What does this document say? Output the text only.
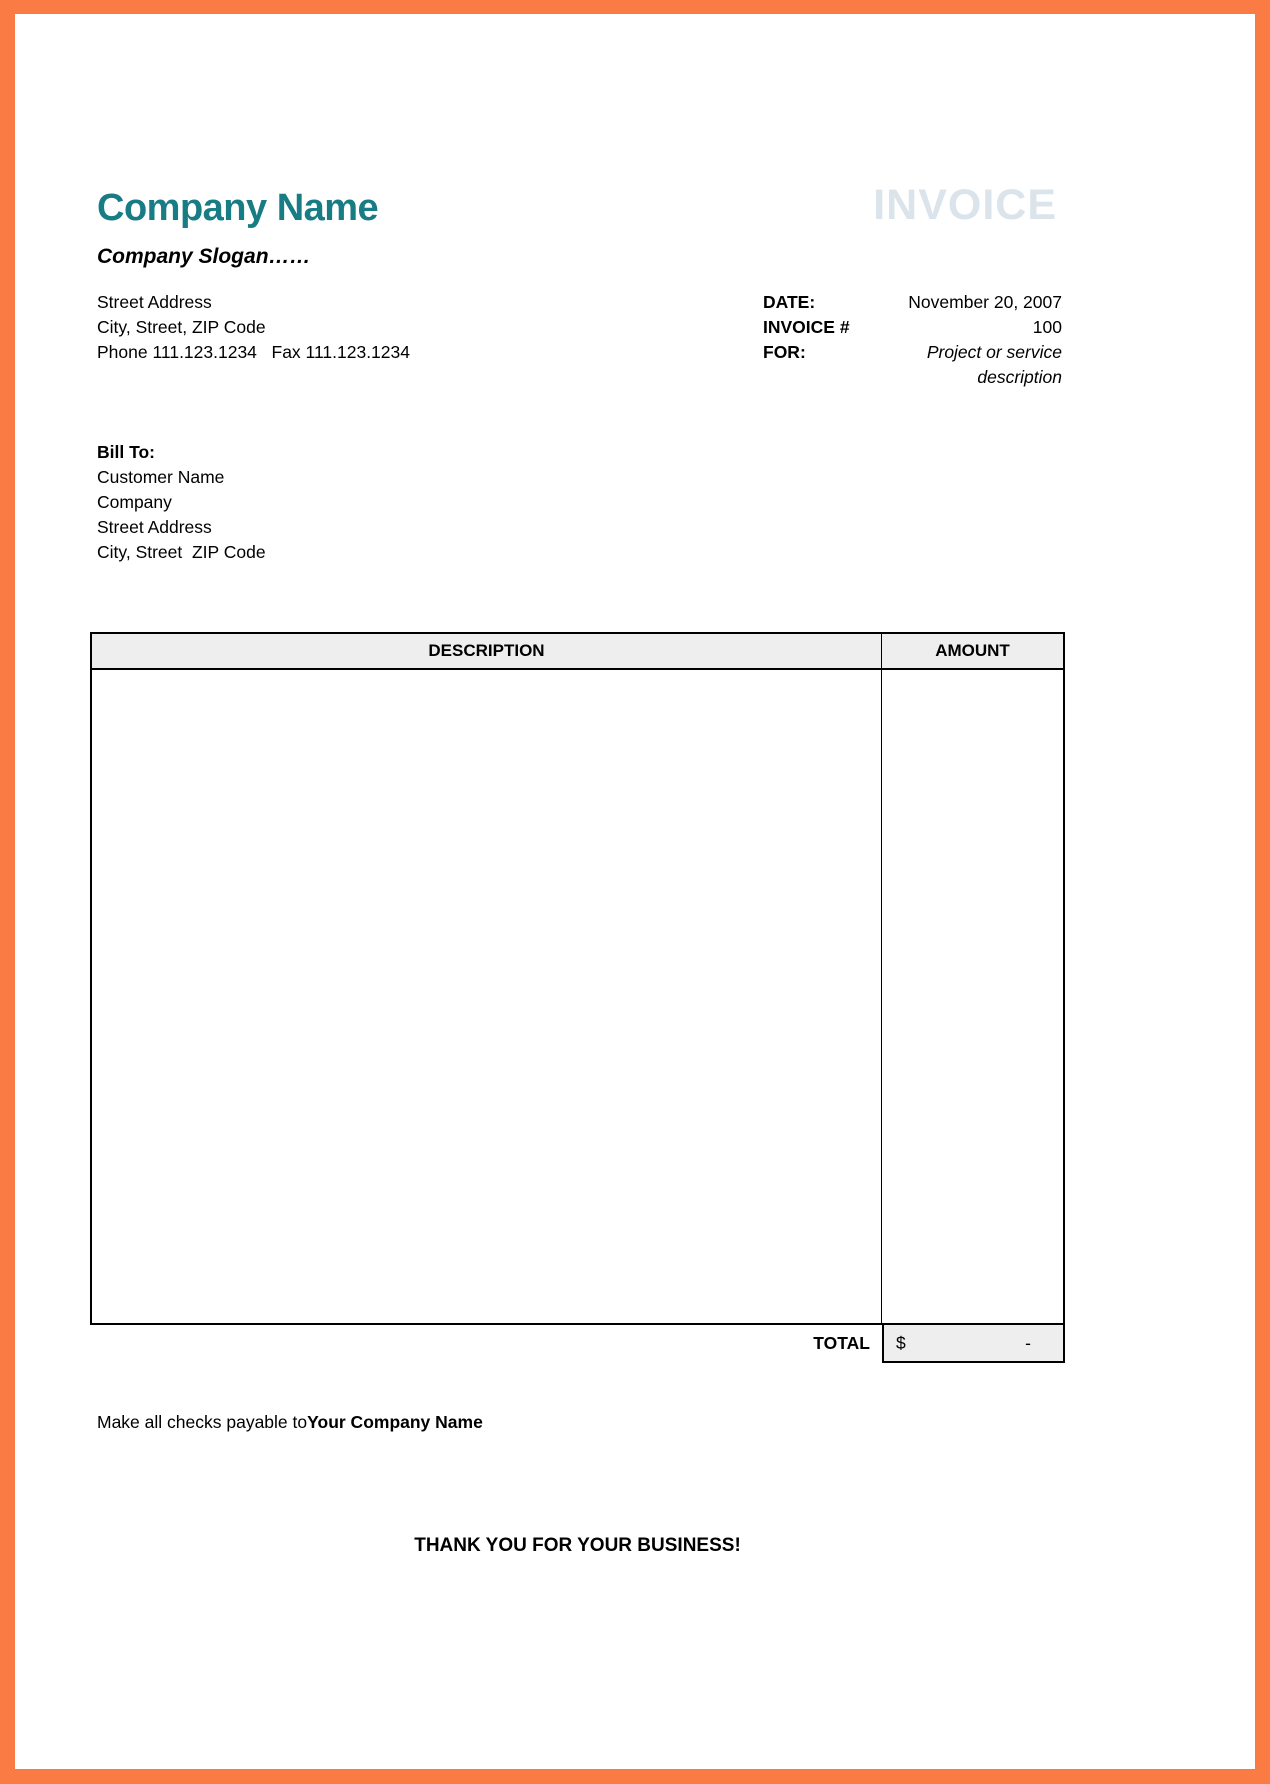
Company Name
Company Slogan……
Street Address
City, Street, ZIP Code
Phone 111.123.1234   Fax 111.123.1234
INVOICE
DATE:	November 20, 2007
INVOICE #	100
FOR:	Project or service
description
Bill To:
Customer Name
Company
Street Address
City, Street  ZIP Code
DESCRIPTION	AMOUNT
TOTAL	$	-
Make all checks payable toYour Company Name
THANK YOU FOR YOUR BUSINESS!
